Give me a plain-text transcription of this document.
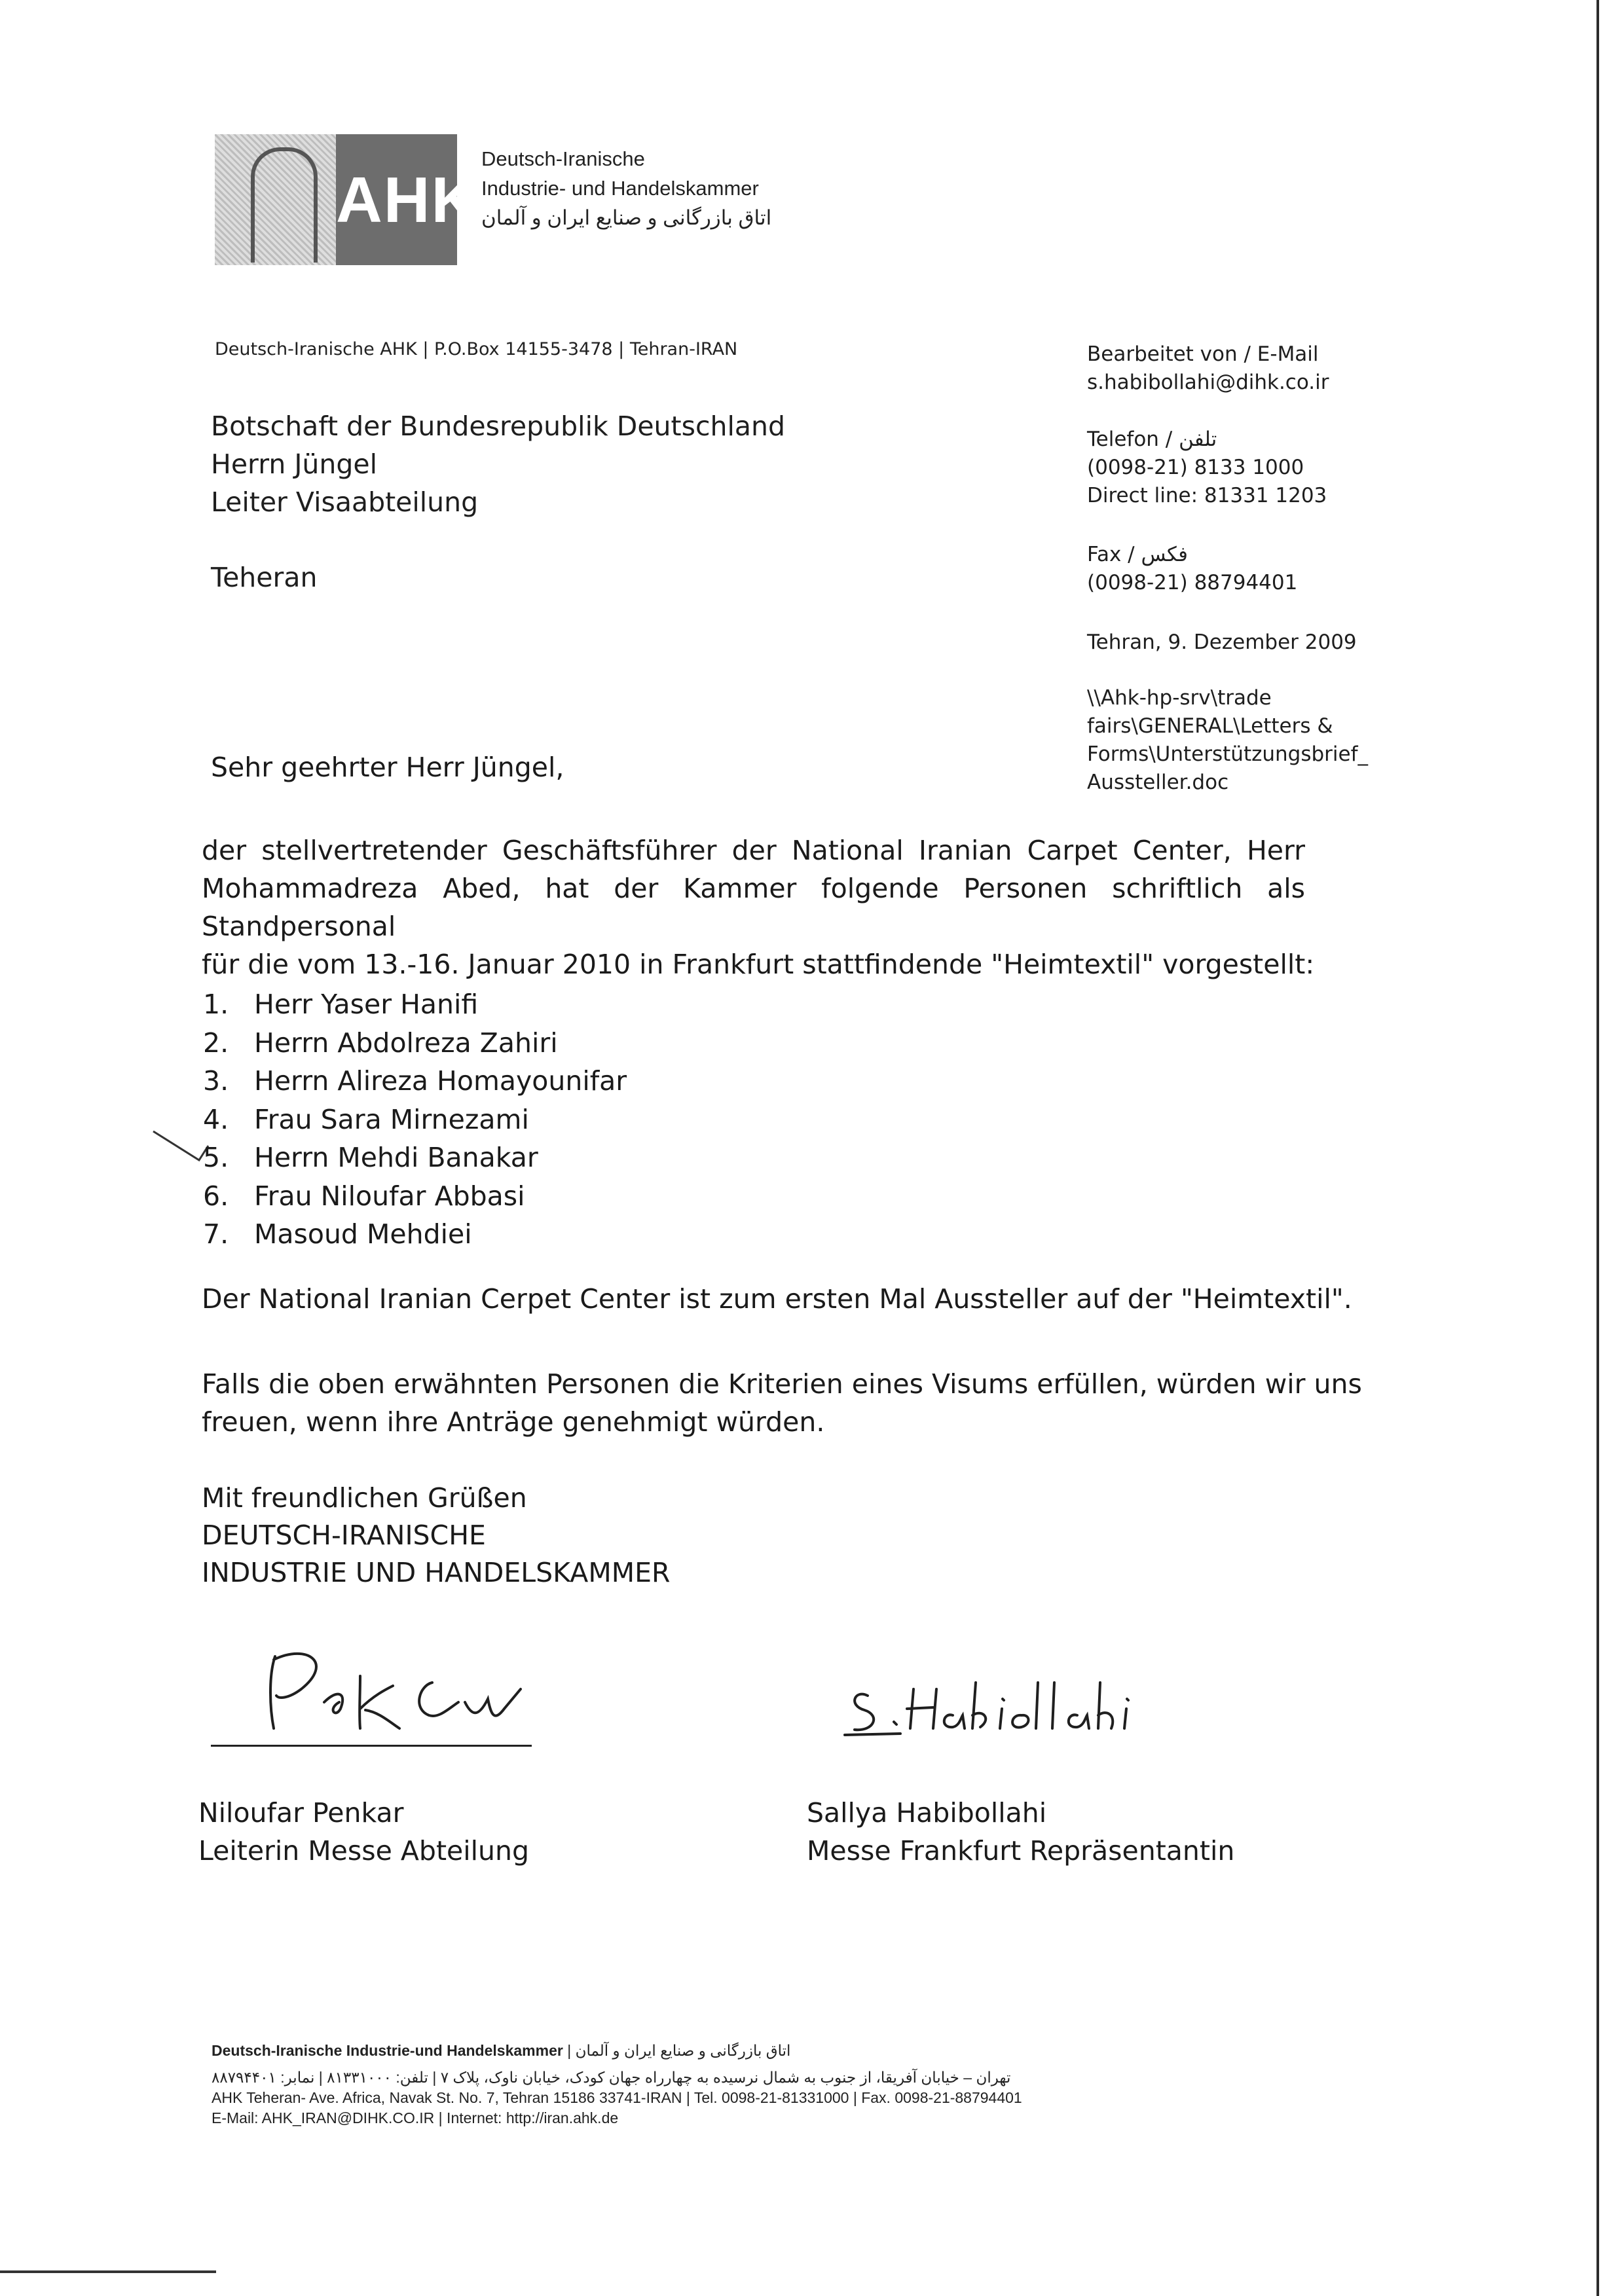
AHK
Deutsch-Iranische
Industrie- und Handelskammer
اتاق بازرگانی و صنایع ایران و آلمان
Deutsch-Iranische AHK | P.O.Box 14155-3478 | Tehran-IRAN
Botschaft der Bundesrepublik Deutschland
Herrn Jüngel
Leiter Visaabteilung
Teheran
Bearbeitet von / E-Mail
s.habibollahi@dihk.co.ir
Telefon / تلفن
(0098-21) 8133 1000
Direct line: 81331 1203
Fax / فکس
(0098-21) 88794401
Tehran, 9. Dezember 2009
\\Ahk-hp-srv\trade
fairs\GENERAL\Letters &
Forms\Unterstützungsbrief_
Aussteller.doc
Sehr geehrter Herr Jüngel,
der stellvertretender Geschäftsführer der National Iranian Carpet Center, Herr
Mohammadreza Abed, hat der Kammer folgende Personen schriftlich als Standpersonal
für die vom 13.-16. Januar 2010 in Frankfurt stattfindende "Heimtextil" vorgestellt:
1. Herr Yaser Hanifi
2. Herrn Abdolreza Zahiri
3. Herrn Alireza Homayounifar
4. Frau Sara Mirnezami
5. Herrn Mehdi Banakar
6. Frau Niloufar Abbasi
7. Masoud Mehdiei
Der National Iranian Cerpet Center ist zum ersten Mal Aussteller auf der "Heimtextil".
Falls die oben erwähnten Personen die Kriterien eines Visums erfüllen, würden wir uns
freuen, wenn ihre Anträge genehmigt würden.
Mit freundlichen Grüßen
DEUTSCH-IRANISCHE
INDUSTRIE UND HANDELSKAMMER
Niloufar Penkar
Leiterin Messe Abteilung
Sallya Habibollahi
Messe Frankfurt Repräsentantin
Deutsch-Iranische Industrie-und Handelskammer | اتاق بازرگانی و صنایع ایران و آلمان
تهران – خیابان آفریقا، از جنوب به شمال نرسیده به چهارراه جهان کودک، خیابان ناوک، پلاک ۷ | تلفن: ۸۱۳۳۱۰۰۰ | نمابر: ۸۸۷۹۴۴۰۱
AHK Teheran- Ave. Africa, Navak St. No. 7, Tehran 15186 33741-IRAN | Tel. 0098-21-81331000 | Fax. 0098-21-88794401
E-Mail: AHK_IRAN@DIHK.CO.IR | Internet: http://iran.ahk.de
